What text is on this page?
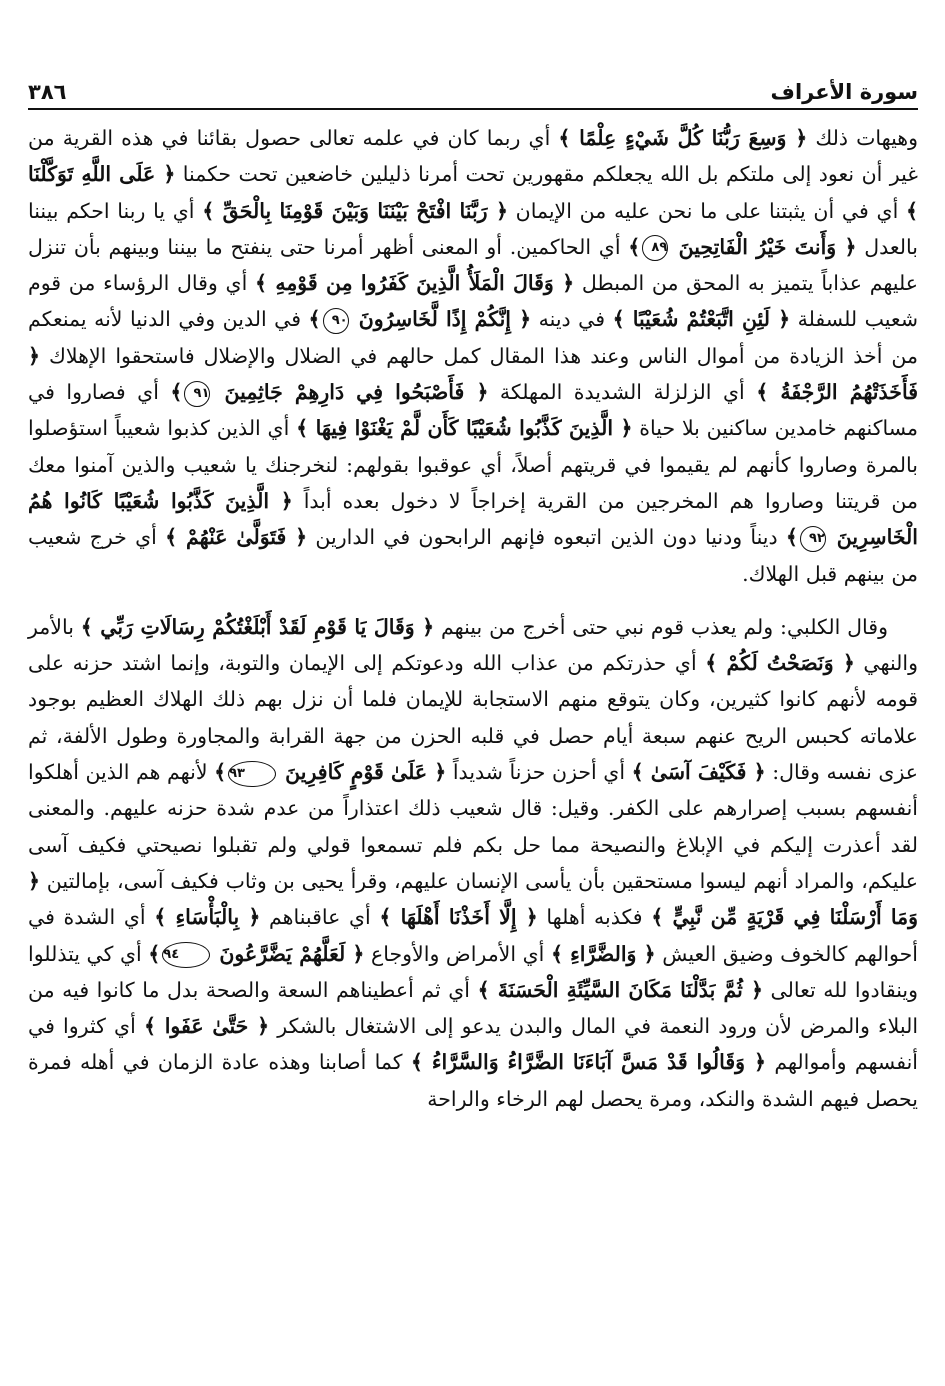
سورة الأعراف
٣٨٦

وهيهات ذلك ﴿ وَسِعَ رَبُّنَا كُلَّ شَيْءٍ عِلْمًا ﴾ أي ربما كان في علمه تعالى حصول بقائنا في هذه القرية من غير أن نعود إلى ملتكم بل الله يجعلكم مقهورين تحت أمرنا ذليلين خاضعين تحت حكمنا ﴿ عَلَى اللَّهِ تَوَكَّلْنَا ﴾ أي في أن يثبتنا على ما نحن عليه من الإيمان ﴿ رَبَّنَا افْتَحْ بَيْنَنَا وَبَيْنَ قَوْمِنَا بِالْحَقِّ ﴾ أي يا ربنا احكم بيننا بالعدل ﴿ وَأَنتَ خَيْرُ الْفَاتِحِينَ ٨٩﴾ أي الحاكمين. أو المعنى أظهر أمرنا حتى ينفتح ما بيننا وبينهم بأن تنزل عليهم عذاباً يتميز به المحق من المبطل ﴿ وَقَالَ الْمَلَأُ الَّذِينَ كَفَرُوا مِن قَوْمِهِ ﴾ أي وقال الرؤساء من قوم شعيب للسفلة ﴿ لَئِنِ اتَّبَعْتُمْ شُعَيْبًا ﴾ في دينه ﴿ إِنَّكُمْ إِذًا لَّخَاسِرُونَ ٩٠﴾ في الدين وفي الدنيا لأنه يمنعكم من أخذ الزيادة من أموال الناس وعند هذا المقال كمل حالهم في الضلال والإضلال فاستحقوا الإهلاك ﴿ فَأَخَذَتْهُمُ الرَّجْفَةُ ﴾ أي الزلزلة الشديدة المهلكة ﴿ فَأَصْبَحُوا فِي دَارِهِمْ جَاثِمِينَ ٩١﴾ أي فصاروا في مساكنهم خامدين ساكنين بلا حياة ﴿ الَّذِينَ كَذَّبُوا شُعَيْبًا كَأَن لَّمْ يَغْنَوْا فِيهَا ﴾ أي الذين كذبوا شعيباً استؤصلوا بالمرة وصاروا كأنهم لم يقيموا في قريتهم أصلاً، أي عوقبوا بقولهم: لنخرجنك يا شعيب والذين آمنوا معك من قريتنا وصاروا هم المخرجين من القرية إخراجاً لا دخول بعده أبداً ﴿ الَّذِينَ كَذَّبُوا شُعَيْبًا كَانُوا هُمُ الْخَاسِرِينَ ٩٢﴾ ديناً ودنيا دون الذين اتبعوه فإنهم الرابحون في الدارين ﴿ فَتَوَلَّىٰ عَنْهُمْ ﴾ أي خرج شعيب من بينهم قبل الهلاك.

وقال الكلبي: ولم يعذب قوم نبي حتى أخرج من بينهم ﴿ وَقَالَ يَا قَوْمِ لَقَدْ أَبْلَغْتُكُمْ رِسَالَاتِ رَبِّي ﴾ بالأمر والنهي ﴿ وَنَصَحْتُ لَكُمْ ﴾ أي حذرتكم من عذاب الله ودعوتكم إلى الإيمان والتوبة، وإنما اشتد حزنه على قومه لأنهم كانوا كثيرين، وكان يتوقع منهم الاستجابة للإيمان فلما أن نزل بهم ذلك الهلاك العظيم بوجود علاماته كحبس الريح عنهم سبعة أيام حصل في قلبه الحزن من جهة القرابة والمجاورة وطول الألفة، ثم عزى نفسه وقال: ﴿ فَكَيْفَ آسَىٰ ﴾ أي أحزن حزناً شديداً ﴿ عَلَىٰ قَوْمٍ كَافِرِينَ ٩٣﴾ لأنهم هم الذين أهلكوا أنفسهم بسبب إصرارهم على الكفر. وقيل: قال شعيب ذلك اعتذاراً من عدم شدة حزنه عليهم. والمعنى لقد أعذرت إليكم في الإبلاغ والنصيحة مما حل بكم فلم تسمعوا قولي ولم تقبلوا نصيحتي فكيف آسى عليكم، والمراد أنهم ليسوا مستحقين بأن يأسى الإنسان عليهم، وقرأ يحيى بن وثاب فكيف آسى، بإمالتين ﴿ وَمَا أَرْسَلْنَا فِي قَرْيَةٍ مِّن نَّبِيٍّ ﴾ فكذبه أهلها ﴿ إِلَّا أَخَذْنَا أَهْلَهَا ﴾ أي عاقبناهم ﴿ بِالْبَأْسَاءِ ﴾ أي الشدة في أحوالهم كالخوف وضيق العيش ﴿ وَالضَّرَّاءِ ﴾ أي الأمراض والأوجاع ﴿ لَعَلَّهُمْ يَضَّرَّعُونَ ٩٤﴾ أي كي يتذللوا وينقادوا لله تعالى ﴿ ثُمَّ بَدَّلْنَا مَكَانَ السَّيِّئَةِ الْحَسَنَةَ ﴾ أي ثم أعطيناهم السعة والصحة بدل ما كانوا فيه من البلاء والمرض لأن ورود النعمة في المال والبدن يدعو إلى الاشتغال بالشكر ﴿ حَتَّىٰ عَفَوا ﴾ أي كثروا في أنفسهم وأموالهم ﴿ وَقَالُوا قَدْ مَسَّ آبَاءَنَا الضَّرَّاءُ وَالسَّرَّاءُ ﴾ كما أصابنا وهذه عادة الزمان في أهله فمرة يحصل فيهم الشدة والنكد، ومرة يحصل لهم الرخاء والراحة
